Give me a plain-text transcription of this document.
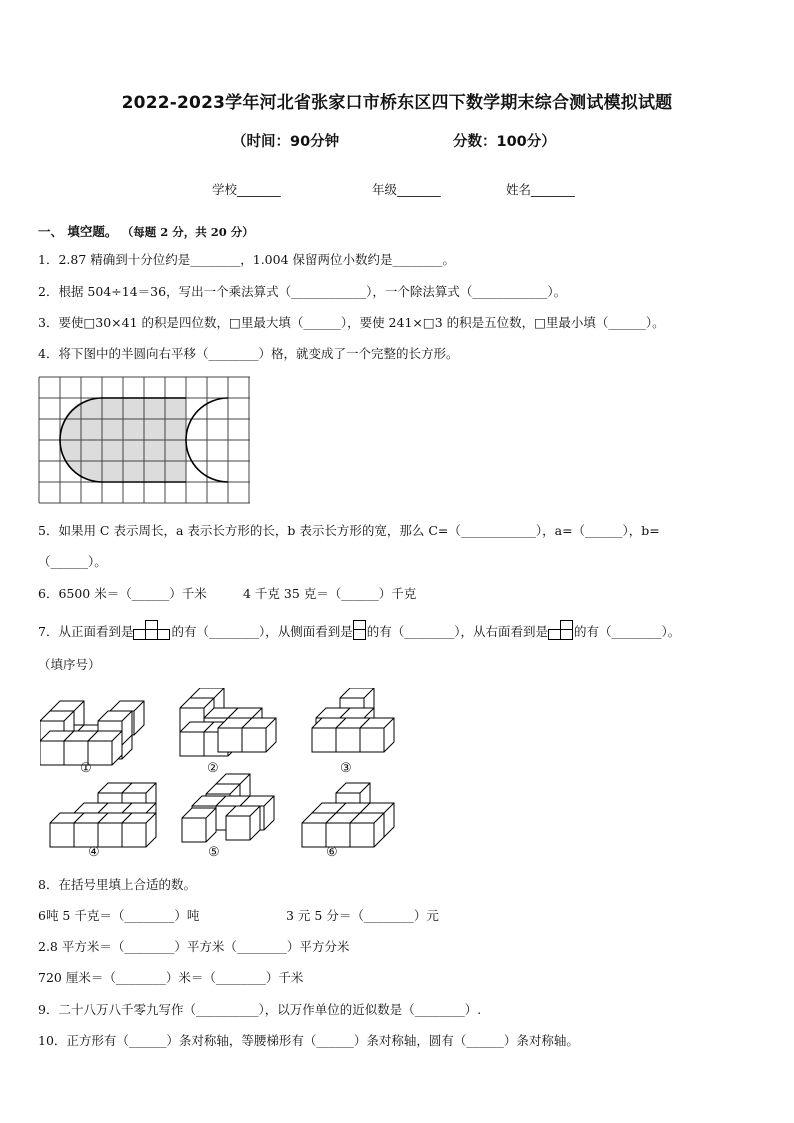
2022-2023学年河北省张家口市桥东区四下数学期末综合测试模拟试题
（时间：90分钟	分数：100分）
学校_______	年级_______	姓名_______
一、 填空题。 （每题 2 分，共 20 分）
1．2.87 精确到十分位约是________，1.004 保留两位小数约是________。
2．根据 504÷14＝36，写出一个乘法算式（____________），一个除法算式（____________）。
3．要使□30×41 的积是四位数，□里最大填（______），要使 241×□3 的积是五位数，□里最小填（______）。
4．将下图中的半圆向右平移（________）格，就变成了一个完整的长方形。
5．如果用 C 表示周长，a 表示长方形的长，b 表示长方形的宽，那么 C=（____________），a=（______），b=
（______）。
6．6500 米＝（______）千米	4 千克 35 克＝（______）千克
7．从正面看到是	的有（________），从侧面看到是 的有（________），从右面看到是 的有（________）。
（填序号）
①	②	③
④	⑤	⑥
8．在括号里填上合适的数。
6吨 5 千克＝（________）吨	3 元 5 分＝（________）元
2.8 平方米＝（________）平方米（________）平方分米
720 厘米＝（________）米＝（________）千米
9．二十八万八千零九写作（__________），以万作单位的近似数是（________）.
10．正方形有（______）条对称轴，等腰梯形有（______）条对称轴，圆有（______）条对称轴。
